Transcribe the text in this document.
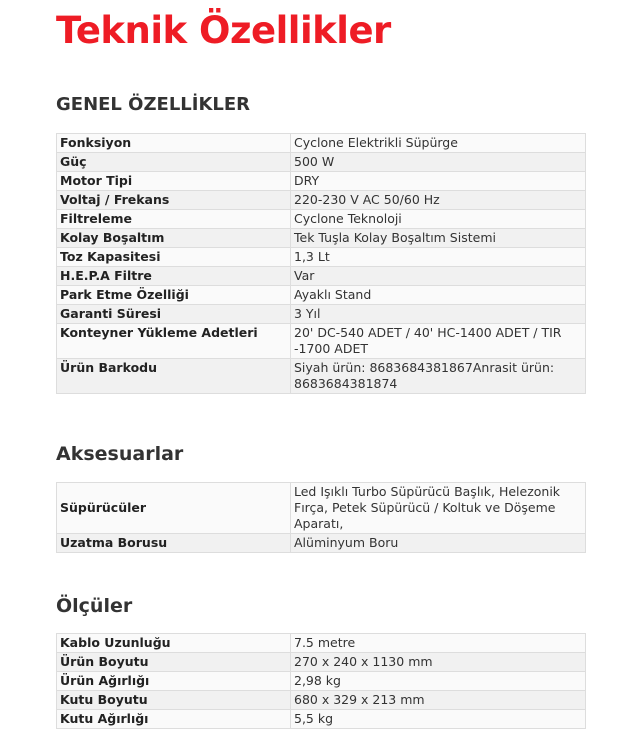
Teknik Özellikler
GENEL ÖZELLİKLER
Fonksiyon	Cyclone Elektrikli Süpürge
Güç	500 W
Motor Tipi	DRY
Voltaj / Frekans	220-230 V AC 50/60 Hz
Filtreleme	Cyclone Teknoloji
Kolay Boşaltım	Tek Tuşla Kolay Boşaltım Sistemi
Toz Kapasitesi	1,3 Lt
H.E.P.A Filtre	Var
Park Etme Özelliği	Ayaklı Stand
Garanti Süresi	3 Yıl
Konteyner Yükleme Adetleri	20' DC-540 ADET / 40' HC-1400 ADET / TIR -1700 ADET
Ürün Barkodu	Siyah ürün: 8683684381867Anrasit ürün: 8683684381874
Aksesuarlar
Süpürücüler	Led Işıklı Turbo Süpürücü Başlık, Helezonik Fırça, Petek Süpürücü / Koltuk ve Döşeme Aparatı,
Uzatma Borusu	Alüminyum Boru
Ölçüler
Kablo Uzunluğu	7.5 metre
Ürün Boyutu	270 x 240 x 1130 mm
Ürün Ağırlığı	2,98 kg
Kutu Boyutu	680 x 329 x 213 mm
Kutu Ağırlığı	5,5 kg
